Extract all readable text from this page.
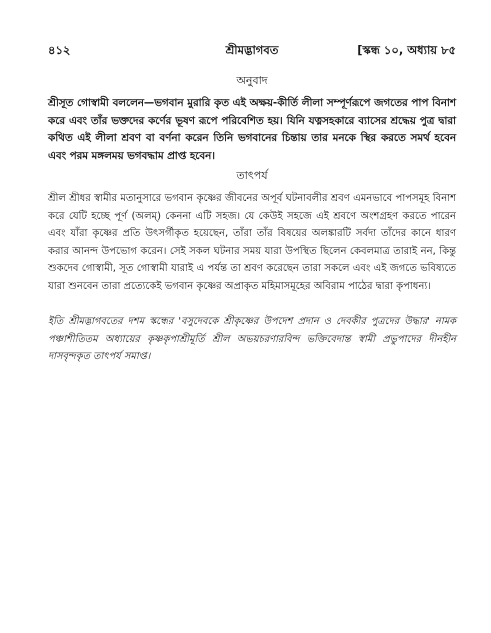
৪১২	শ্রীমদ্ভাগবত	[স্কন্ধ ১০, অধ্যায় ৮৫
অনুবাদ

শ্রীসূত গোস্বামী বললেন—ভগবান মুরারি কৃত এই অক্ষয়-কীর্তি লীলা সম্পূর্ণরূপে জগতের পাপ বিনাশ করে এবং তাঁর ভক্তদের কর্ণের ভূষণ রূপে পরিবেশিত হয়। যিনি যত্নসহকারে ব্যাসের শ্রদ্ধেয় পুত্র দ্বারা কথিত এই লীলা শ্রবণ বা বর্ণনা করেন তিনি ভগবানের চিন্তায় তার মনকে স্থির করতে সমর্থ হবেন এবং পরম মঙ্গলময় ভগবদ্ধাম প্রাপ্ত হবেন।

তাৎপর্য

শ্রীল শ্রীধর স্বামীর মতানুসারে ভগবান কৃষ্ণের জীবনের অপূর্ব ঘটনাবলীর শ্রবণ এমনভাবে পাপসমূহ বিনাশ করে যেটি হচ্ছে পূর্ণ (অলম্) কেননা এটি সহজ। যে কেউই সহজে এই শ্রবণে অংশগ্রহণ করতে পারেন এবং যাঁরা কৃষ্ণের প্রতি উৎসর্গীকৃত হয়েছেন, তাঁরা তাঁর বিষয়ের অলঙ্কারটি সর্বদা তাঁদের কানে ধারণ করার আনন্দ উপভোগ করেন। সেই সকল ঘটনার সময় যারা উপস্থিত ছিলেন কেবলমাত্র তারাই নন, কিন্তু শুকদেব গোস্বামী, সূত গোস্বামী যারাই এ পর্যন্ত তা শ্রবণ করেছেন তারা সকলে এবং এই জগতে ভবিষ্যতে যারা শুনবেন তারা প্রত্যেকেই ভগবান কৃষ্ণের অপ্রাকৃত মহিমাসমূহের অবিরাম পাঠের দ্বারা কৃপাধন্য।

ইতি শ্রীমদ্ভাগবতের দশম স্কন্ধের 'বসুদেবকে শ্রীকৃষ্ণের উপদেশ প্রদান ও দেবকীর পুত্রদের উদ্ধার' নামক পঞ্চাশীতিতম অধ্যায়ের কৃষ্ণকৃপাশ্রীমূর্তি শ্রীল অভয়চরণারবিন্দ ভক্তিবেদান্ত স্বামী প্রভুপাদের দীনহীন দাসবৃন্দকৃত তাৎপর্য সমাপ্ত।
